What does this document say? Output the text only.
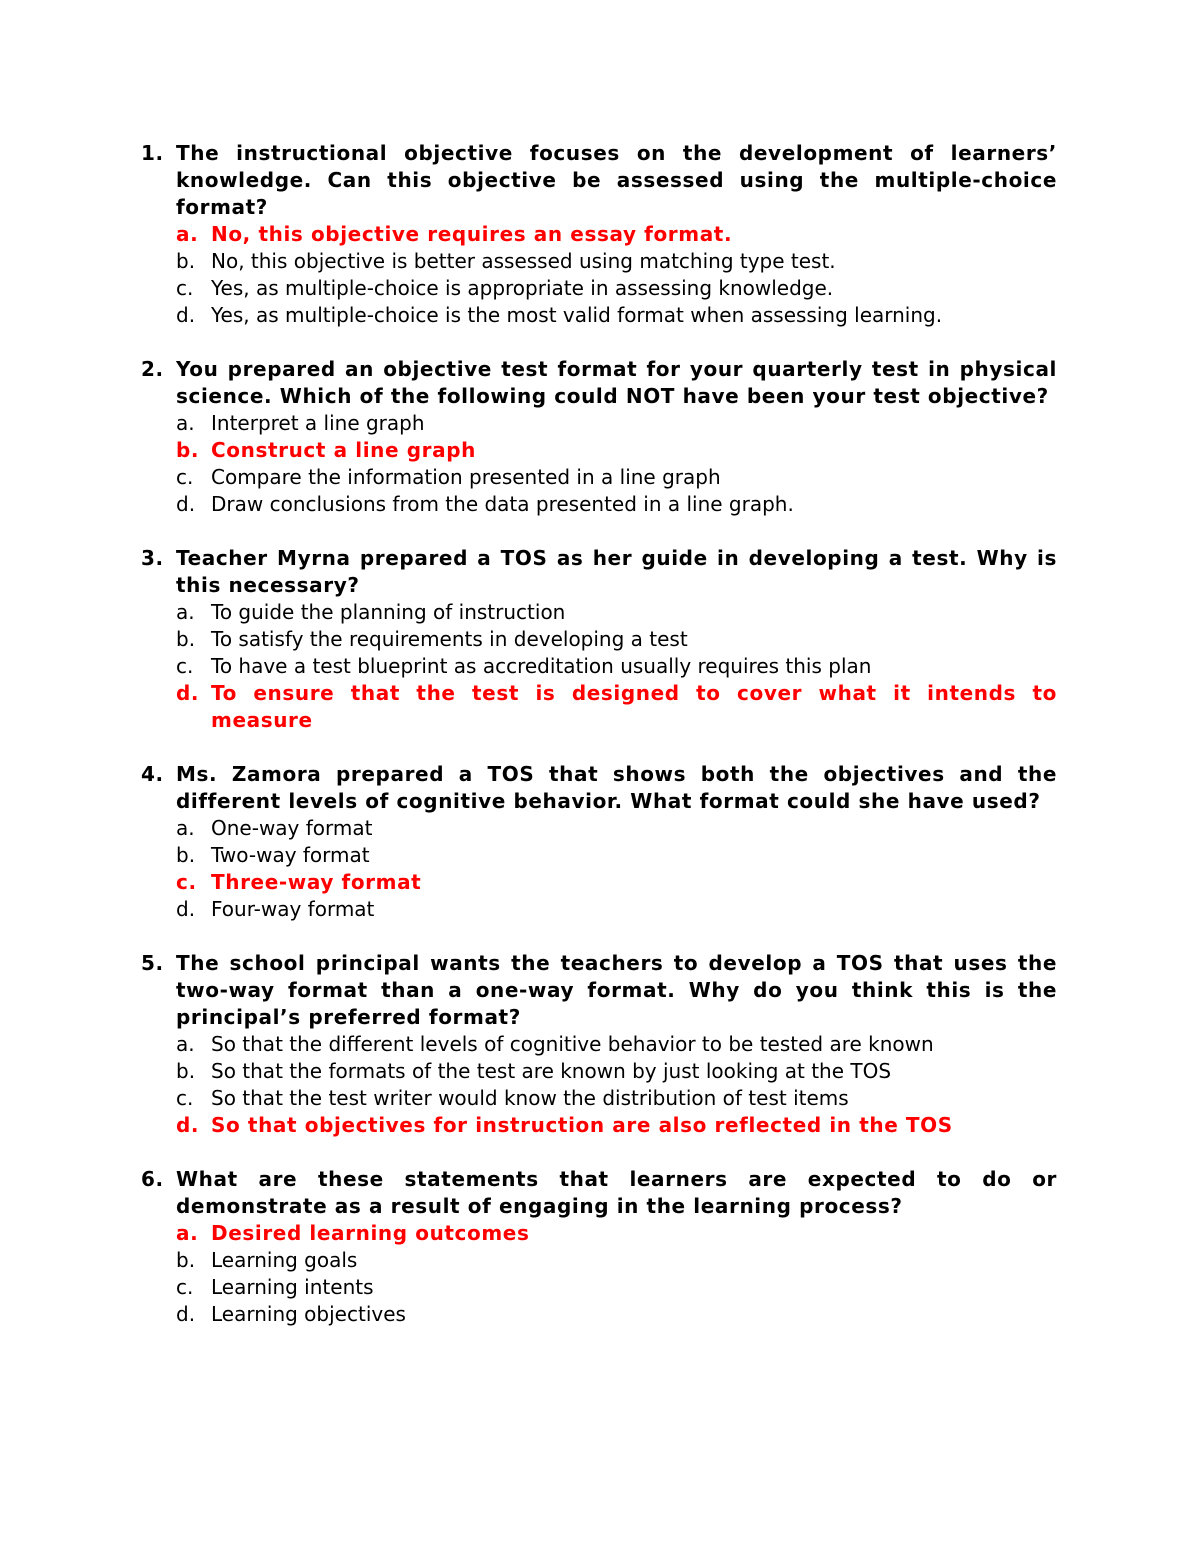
1. The instructional objective focuses on the development of learners’ knowledge. Can this objective be assessed using the multiple-choice format?

a. No, this objective requires an essay format.
b. No, this objective is better assessed using matching type test.
c. Yes, as multiple-choice is appropriate in assessing knowledge.
d. Yes, as multiple-choice is the most valid format when assessing learning.
2. You prepared an objective test format for your quarterly test in physical science. Which of the following could NOT have been your test objective?

a. Interpret a line graph
b. Construct a line graph
c. Compare the information presented in a line graph
d. Draw conclusions from the data presented in a line graph.
3. Teacher Myrna prepared a TOS as her guide in developing a test. Why is this necessary?

a. To guide the planning of instruction
b. To satisfy the requirements in developing a test
c. To have a test blueprint as accreditation usually requires this plan
d. To ensure that the test is designed to cover what it intends to measure
4. Ms. Zamora prepared a TOS that shows both the objectives and the different levels of cognitive behavior. What format could she have used?

a. One-way format
b. Two-way format
c. Three-way format
d. Four-way format
5. The school principal wants the teachers to develop a TOS that uses the two-way format than a one-way format. Why do you think this is the principal’s preferred format?

a. So that the different levels of cognitive behavior to be tested are known
b. So that the formats of the test are known by just looking at the TOS
c. So that the test writer would know the distribution of test items
d. So that objectives for instruction are also reflected in the TOS
6. What are these statements that learners are expected to do or demonstrate as a result of engaging in the learning process?

a. Desired learning outcomes
b. Learning goals
c. Learning intents
d. Learning objectives
